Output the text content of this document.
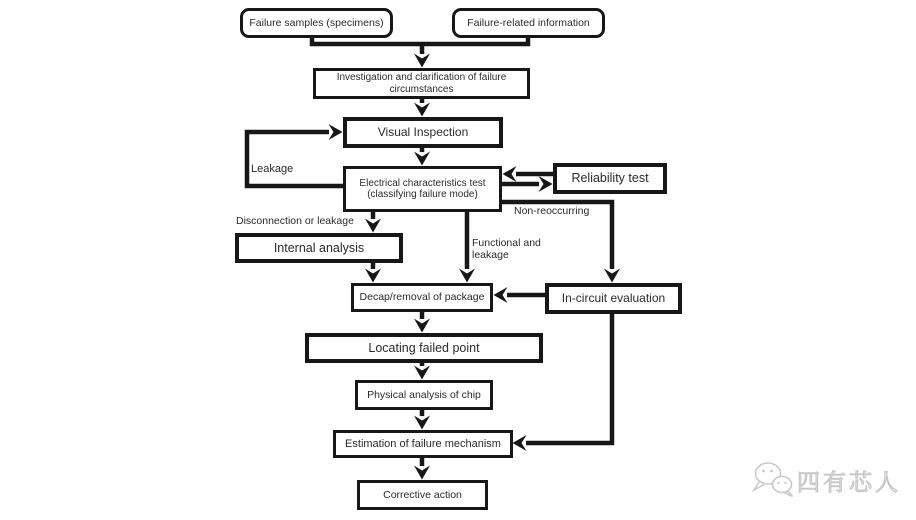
Failure samples (specimens)	Failure-related information
Investigation and clarification of failure circumstances
Visual Inspection
Electrical characteristics test
(classifying failure mode)
Reliability test
Internal analysis
Decap/removal of package	In-circuit evaluation
Locating failed point
Physical analysis of chip
Estimation of failure mechanism
Corrective action
Leakage
Disconnection or leakage
Non-reoccurring
Functional and
leakage
四有芯人
